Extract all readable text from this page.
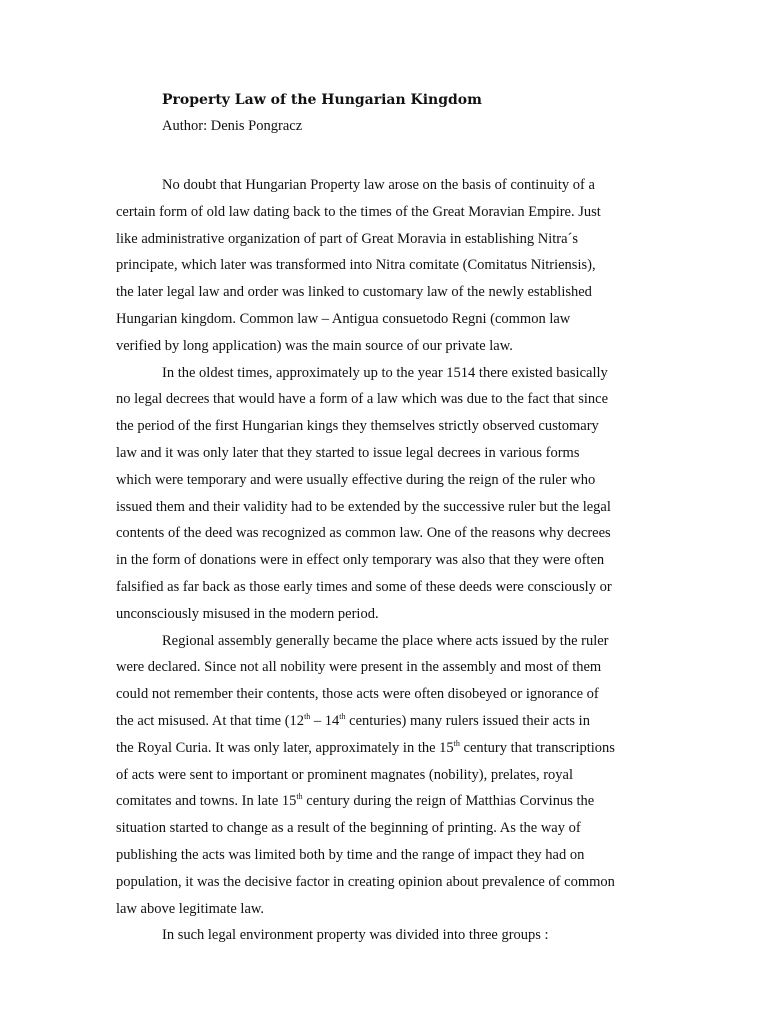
Property Law of the Hungarian Kingdom
Author: Denis Pongracz
No doubt that Hungarian Property law arose on the basis of continuity of a
certain form of old law dating back to the times of the Great Moravian Empire. Just
like administrative organization of part of Great Moravia in establishing Nitra´s
principate, which later was transformed into Nitra comitate (Comitatus Nitriensis),
the later legal law and order was linked to customary law of the newly established
Hungarian kingdom. Common law – Antigua consuetodo Regni (common law
verified by long application) was the main source of our private law.
In the oldest times, approximately up to the year 1514 there existed basically
no legal decrees that would have a form of a law which was due to the fact that since
the period of the first Hungarian kings they themselves strictly observed customary
law and it was only later that they started to issue legal decrees in various forms
which were temporary and were usually effective during the reign of the ruler who
issued them and their validity had to be extended by the successive ruler but the legal
contents of the deed was recognized as common law. One of the reasons why decrees
in the form of donations were in effect only temporary was also that they were often
falsified as far back as those early times and some of these deeds were consciously or
unconsciously misused in the modern period.
Regional assembly generally became the place where acts issued by the ruler
were declared. Since not all nobility were present in the assembly and most of them
could not remember their contents, those acts were often disobeyed or ignorance of
the act misused. At that time (12th – 14th centuries) many rulers issued their acts in
the Royal Curia. It was only later, approximately in the 15th century that transcriptions
of acts were sent to important or prominent magnates (nobility), prelates, royal
comitates and towns. In late 15th century during the reign of Matthias Corvinus the
situation started to change as a result of the beginning of printing. As the way of
publishing the acts was limited both by time and the range of impact they had on
population, it was the decisive factor in creating opinion about prevalence of common
law above legitimate law.
In such legal environment property was divided into three groups :
